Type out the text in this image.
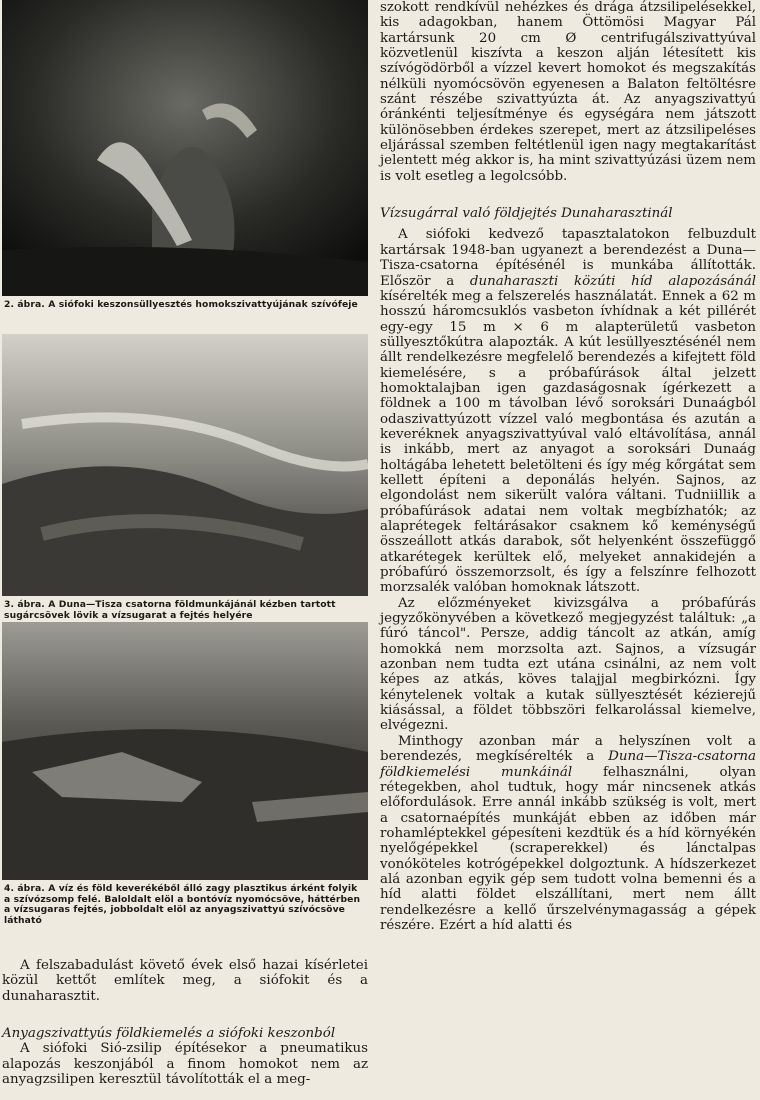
2. ábra. A siófoki keszonsüllyesztés homokszivattyújának szívófeje

3. ábra. A Duna—Tisza csatorna földmunkájánál kézben tartott sugárcsövek lövik a vízsugarat a fejtés helyére

4. ábra. A víz és föld keverékéből álló zagy plasztikus árként folyik a szívózsomp felé. Baloldalt elöl a bontóvíz nyomócsöve, háttérben a vízsugaras fejtés, jobboldalt elöl az anyagszivattyú szívócsöve látható

A felszabadulást követő évek első hazai kísérletei közül kettőt említek meg, a siófokit és a dunaharasztit.

Anyagszivattyús földkiemelés a siófoki keszonból

A siófoki Sió-zsilip építésekor a pneumatikus alapozás keszonjából a finom homokot nem az anyagzsilipen keresztül távolították el a meg-

szokott rendkívül nehézkes és drága átzsilipelésekkel, kis adagokban, hanem Öttömösi Magyar Pál kartársunk 20 cm Ø centrifugálszivattyúval közvetlenül kiszívta a keszon alján létesített kis szívógödörből a vízzel kevert homokot és megszakítás nélküli nyomócsövön egyenesen a Balaton feltöltésre szánt részébe szivattyúzta át. Az anyagszivattyú óránkénti teljesítménye és egységára nem játszott különösebben érdekes szerepet, mert az átzsilipeléses eljárással szemben feltétlenül igen nagy megtakarítást jelentett még akkor is, ha mint szivattyúzási üzem nem is volt esetleg a legolcsóbb.

Vízsugárral való földjejtés Dunaharasztinál

A siófoki kedvező tapasztalatokon felbuzdult kartársak 1948-ban ugyanezt a berendezést a Duna—Tisza-csatorna építésénél is munkába állították. Először a dunaharaszti közúti híd alapozásánál kísérelték meg a felszerelés használatát. Ennek a 62 m hosszú háromcsuklós vasbeton ívhídnak a két pillérét egy-egy 15 m × 6 m alapterületű vasbeton süllyesztőkútra alapozták. A kút lesüllyesztésénél nem állt rendelkezésre megfelelő berendezés a kifejtett föld kiemelésére, s a próbafúrások által jelzett homoktalajban igen gazdaságosnak ígérkezett a földnek a 100 m távolban lévő soroksári Dunaágból odaszivattyúzott vízzel való megbontása és azután a keveréknek anyagszivattyúval való eltávolítása, annál is inkább, mert az anyagot a soroksári Dunaág holtágába lehetett beletölteni és így még kőrgátat sem kellett építeni a deponálás helyén. Sajnos, az elgondolást nem sikerült valóra váltani. Tudniillik a próbafúrások adatai nem voltak megbízhatók; az alaprétegek feltárásakor csaknem kő keménységű összeállott atkás darabok, sőt helyenként összefüggő atkarétegek kerültek elő, melyeket annakidején a próbafúró összemorzsolt, és így a felszínre felhozott morzsalék valóban homoknak látszott.

Az előzményeket kivizsgálva a próbafúrás jegyzőkönyvében a következő megjegyzést találtuk: „a fúró táncol". Persze, addig táncolt az atkán, amíg homokká nem morzsolta azt. Sajnos, a vízsugár azonban nem tudta ezt utána csinálni, az nem volt képes az atkás, köves talajjal megbirkózni. Így kénytelenek voltak a kutak süllyesztését kézierejű kiásással, a földet többszöri felkarolással kiemelve, elvégezni.

Minthogy azonban már a helyszínen volt a berendezés, megkísérelték a Duna—Tisza-csatorna földkiemelési munkáinál felhasználni, olyan rétegekben, ahol tudtuk, hogy már nincsenek atkás előfordulások. Erre annál inkább szükség is volt, mert a csatornaépítés munkáját ebben az időben már rohamléptekkel gépesíteni kezdtük és a híd környékén nyelőgépekkel (scraperekkel) és lánctalpas vonóköteles kotrógépekkel dolgoztunk. A hídszerkezet alá azonban egyik gép sem tudott volna bemenni és a híd alatti földet elszállítani, mert nem állt rendelkezésre a kellő űrszelvénymagasság a gépek részére. Ezért a híd alatti és
